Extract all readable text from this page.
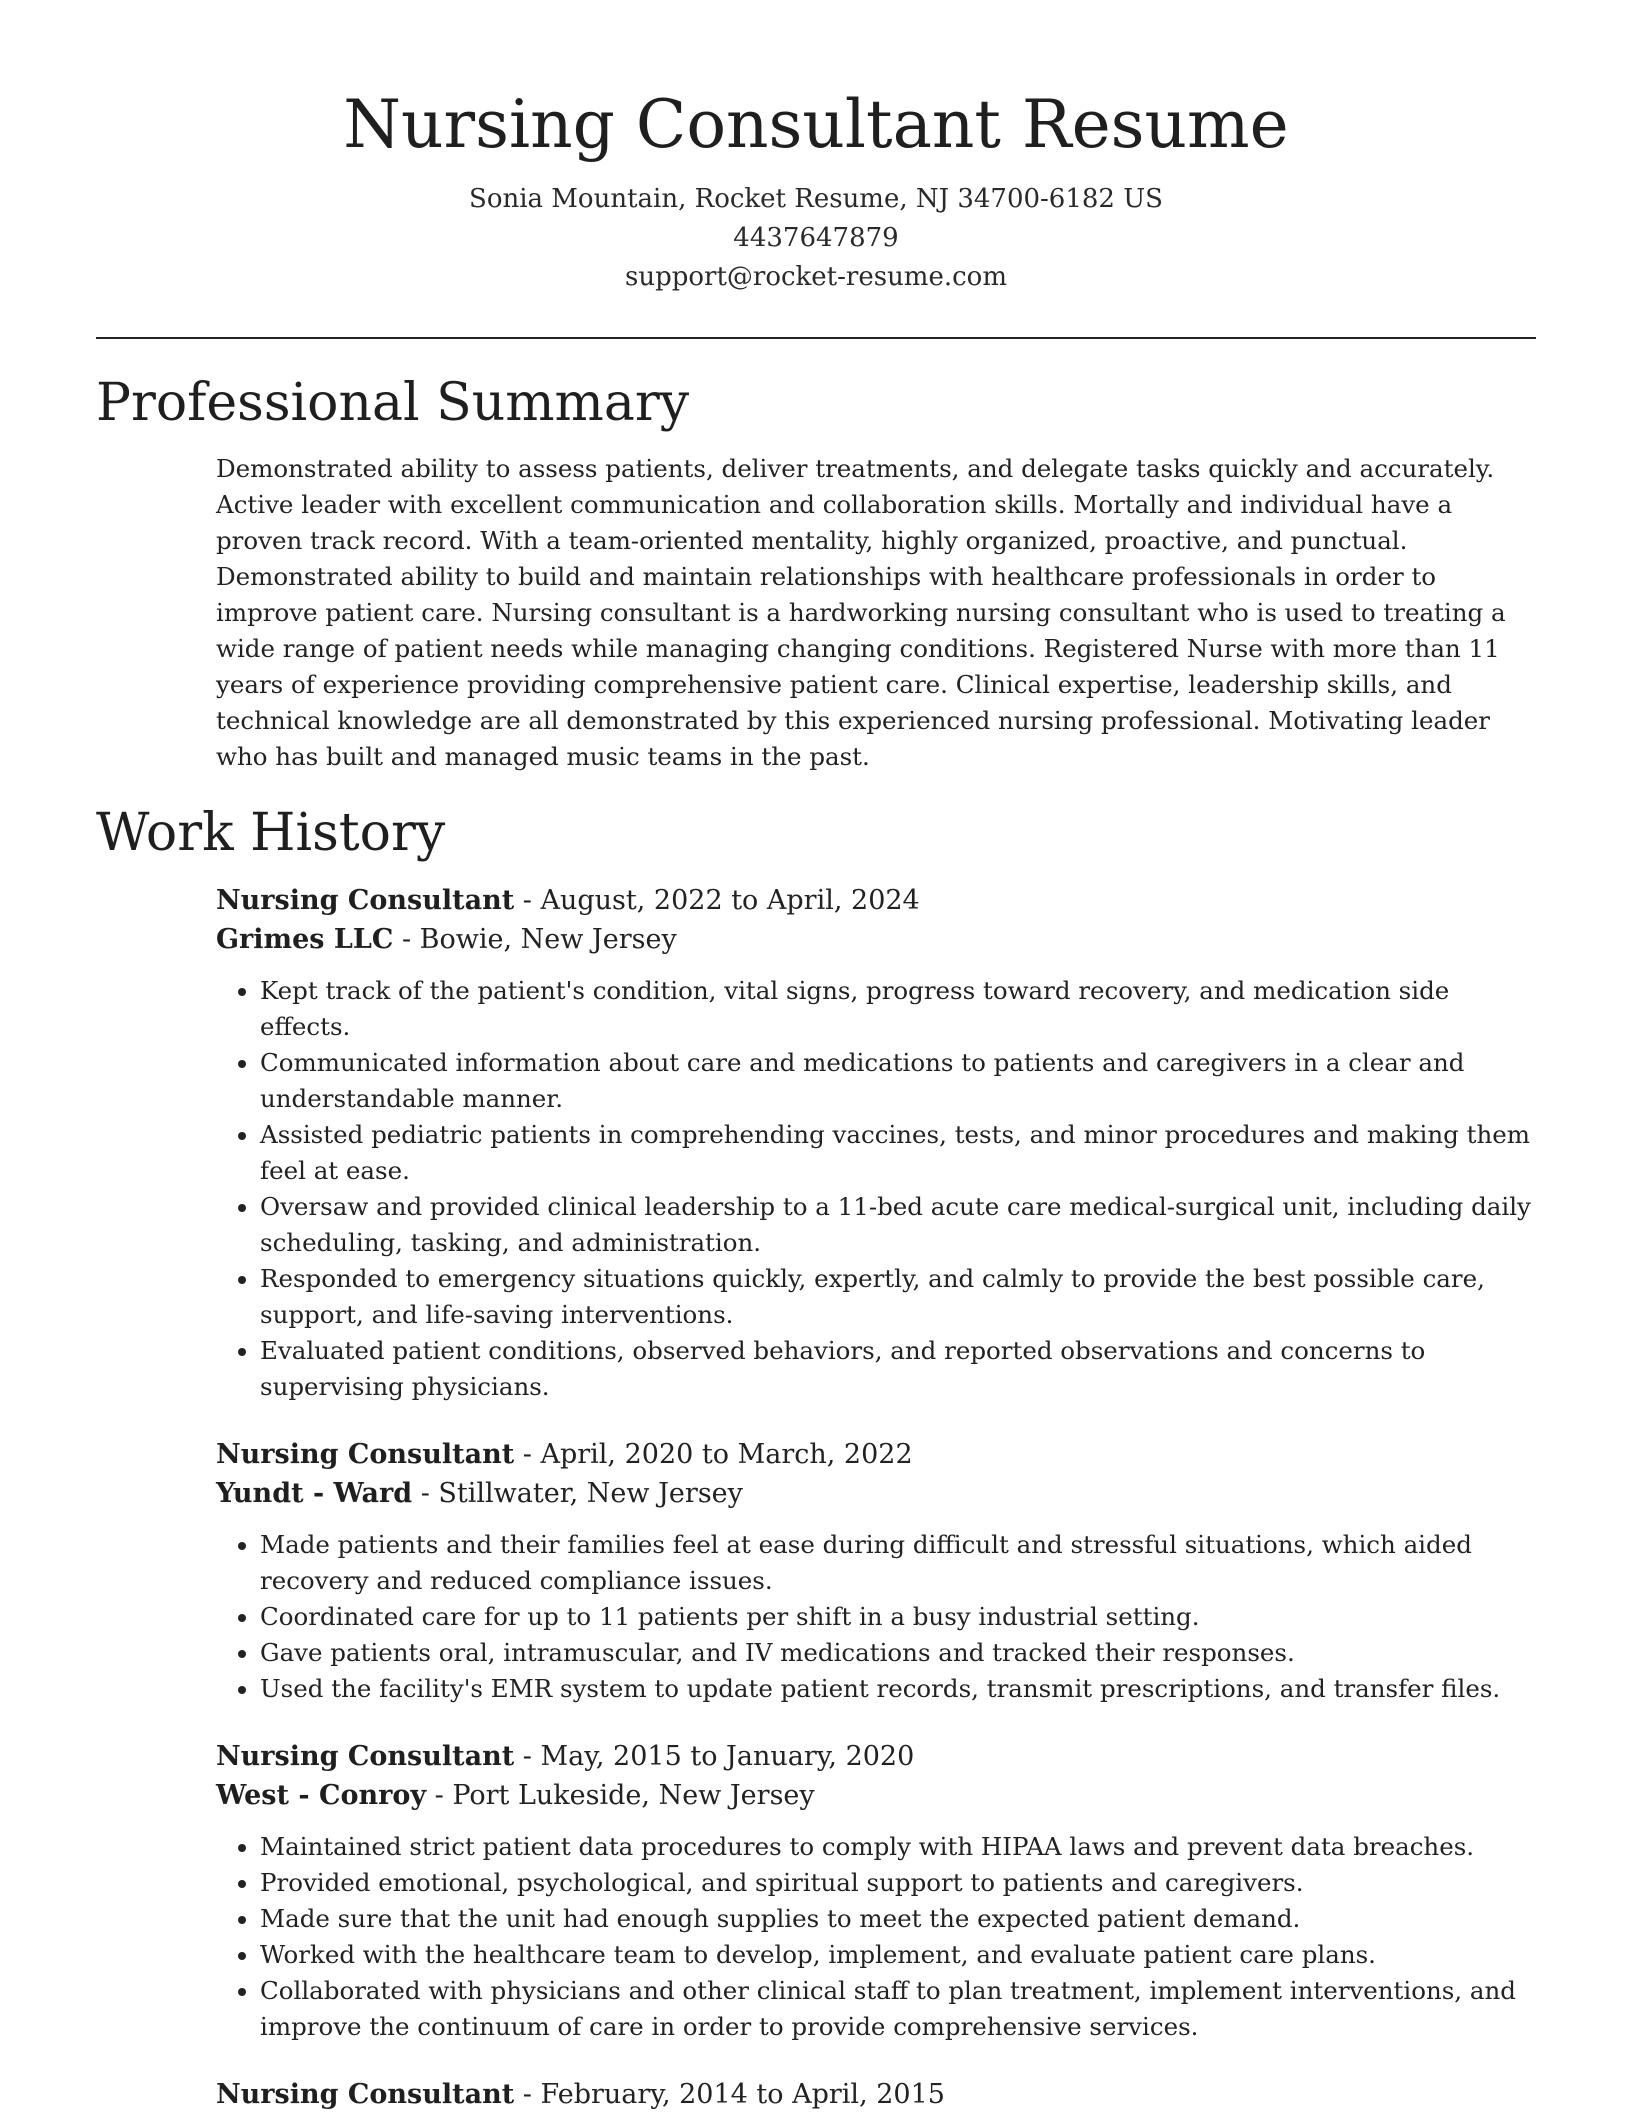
Nursing Consultant Resume
Sonia Mountain, Rocket Resume, NJ 34700-6182 US
4437647879
support@rocket-resume.com
Professional Summary

Demonstrated ability to assess patients, deliver treatments, and delegate tasks quickly and accurately. Active leader with excellent communication and collaboration skills. Mortally and individual have a proven track record. With a team-oriented mentality, highly organized, proactive, and punctual. Demonstrated ability to build and maintain relationships with healthcare professionals in order to improve patient care. Nursing consultant is a hardworking nursing consultant who is used to treating a wide range of patient needs while managing changing conditions. Registered Nurse with more than 11 years of experience providing comprehensive patient care. Clinical expertise, leadership skills, and technical knowledge are all demonstrated by this experienced nursing professional. Motivating leader who has built and managed music teams in the past.

Work History
Nursing Consultant - August, 2022 to April, 2024
Grimes LLC - Bowie, New Jersey
• Kept track of the patient's condition, vital signs, progress toward recovery, and medication side effects.
• Communicated information about care and medications to patients and caregivers in a clear and understandable manner.
• Assisted pediatric patients in comprehending vaccines, tests, and minor procedures and making them feel at ease.
• Oversaw and provided clinical leadership to a 11-bed acute care medical-surgical unit, including daily scheduling, tasking, and administration.
• Responded to emergency situations quickly, expertly, and calmly to provide the best possible care, support, and life-saving interventions.
• Evaluated patient conditions, observed behaviors, and reported observations and concerns to supervising physicians.
Nursing Consultant - April, 2020 to March, 2022
Yundt - Ward - Stillwater, New Jersey
• Made patients and their families feel at ease during difficult and stressful situations, which aided recovery and reduced compliance issues.
• Coordinated care for up to 11 patients per shift in a busy industrial setting.
• Gave patients oral, intramuscular, and IV medications and tracked their responses.
• Used the facility's EMR system to update patient records, transmit prescriptions, and transfer files.
Nursing Consultant - May, 2015 to January, 2020
West - Conroy - Port Lukeside, New Jersey
• Maintained strict patient data procedures to comply with HIPAA laws and prevent data breaches.
• Provided emotional, psychological, and spiritual support to patients and caregivers.
• Made sure that the unit had enough supplies to meet the expected patient demand.
• Worked with the healthcare team to develop, implement, and evaluate patient care plans.
• Collaborated with physicians and other clinical staff to plan treatment, implement interventions, and improve the continuum of care in order to provide comprehensive services.
Nursing Consultant - February, 2014 to April, 2015
